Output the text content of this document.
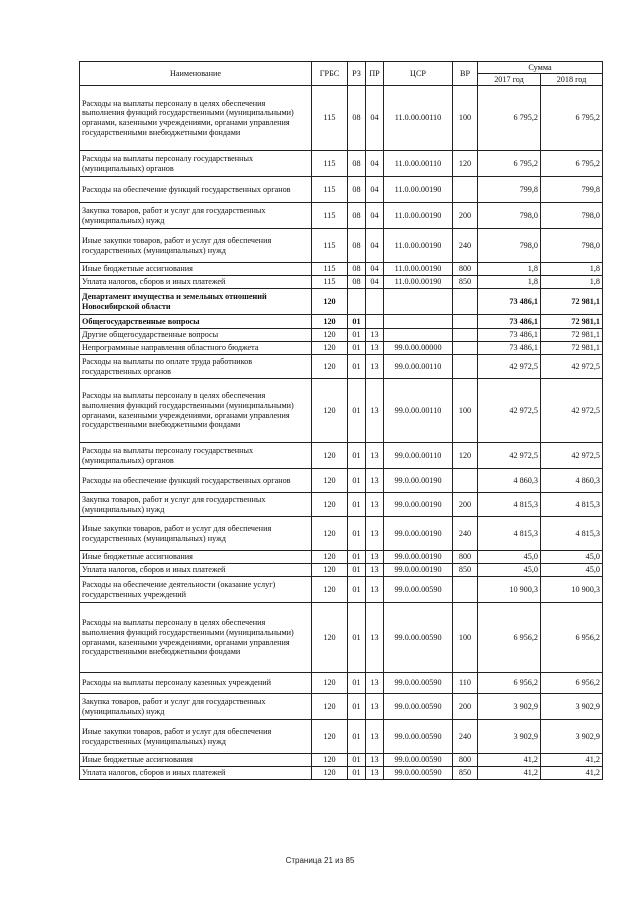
Наименование	ГРБС	РЗ	ПР	ЦСР	ВР	Сумма	
						2017 год	2018 год
Расходы на выплаты персоналу в целях обеспечения выполнения функций государственными (муниципальными) органами, казенными учреждениями, органами управления государственными внебюджетными фондами	115	08	04	11.0.00.00110	100	6 795,2	6 795,2
Расходы на выплаты персоналу государственных (муниципальных) органов	115	08	04	11.0.00.00110	120	6 795,2	6 795,2
Расходы на обеспечение функций государственных органов	115	08	04	11.0.00.00190		799,8	799,8
Закупка товаров, работ и услуг для государственных (муниципальных) нужд	115	08	04	11.0.00.00190	200	798,0	798,0
Иные закупки товаров, работ и услуг для обеспечения государственных (муниципальных) нужд	115	08	04	11.0.00.00190	240	798,0	798,0
Иные бюджетные ассигнования	115	08	04	11.0.00.00190	800	1,8	1,8
Уплата налогов, сборов и иных платежей	115	08	04	11.0.00.00190	850	1,8	1,8
Департамент имущества и земельных отношений Новосибирской области	120					73 486,1	72 981,1
Общегосударственные вопросы	120	01				73 486,1	72 981,1
Другие общегосударственные вопросы	120	01	13			73 486,1	72 981,1
Непрограммные направления областного бюджета	120	01	13	99.0.00.00000		73 486,1	72 981,1
Расходы на выплаты по оплате труда работников государственных органов	120	01	13	99.0.00.00110		42 972,5	42 972,5
Расходы на выплаты персоналу в целях обеспечения выполнения функций государственными (муниципальными) органами, казенными учреждениями, органами управления государственными внебюджетными фондами	120	01	13	99.0.00.00110	100	42 972,5	42 972,5
Расходы на выплаты персоналу государственных (муниципальных) органов	120	01	13	99.0.00.00110	120	42 972,5	42 972,5
Расходы на обеспечение функций государственных органов	120	01	13	99.0.00.00190		4 860,3	4 860,3
Закупка товаров, работ и услуг для государственных (муниципальных) нужд	120	01	13	99.0.00.00190	200	4 815,3	4 815,3
Иные закупки товаров, работ и услуг для обеспечения государственных (муниципальных) нужд	120	01	13	99.0.00.00190	240	4 815,3	4 815,3
Иные бюджетные ассигнования	120	01	13	99.0.00.00190	800	45,0	45,0
Уплата налогов, сборов и иных платежей	120	01	13	99.0.00.00190	850	45,0	45,0
Расходы на обеспечение деятельности (оказание услуг) государственных учреждений	120	01	13	99.0.00.00590		10 900,3	10 900,3
Расходы на выплаты персоналу в целях обеспечения выполнения функций государственными (муниципальными) органами, казенными учреждениями, органами управления государственными внебюджетными фондами	120	01	13	99.0.00.00590	100	6 956,2	6 956,2
Расходы на выплаты персоналу казенных учреждений	120	01	13	99.0.00.00590	110	6 956,2	6 956,2
Закупка товаров, работ и услуг для государственных (муниципальных) нужд	120	01	13	99.0.00.00590	200	3 902,9	3 902,9
Иные закупки товаров, работ и услуг для обеспечения государственных (муниципальных) нужд	120	01	13	99.0.00.00590	240	3 902,9	3 902,9
Иные бюджетные ассигнования	120	01	13	99.0.00.00590	800	41,2	41,2
Уплата налогов, сборов и иных платежей	120	01	13	99.0.00.00590	850	41,2	41,2
Страница 21 из 85
